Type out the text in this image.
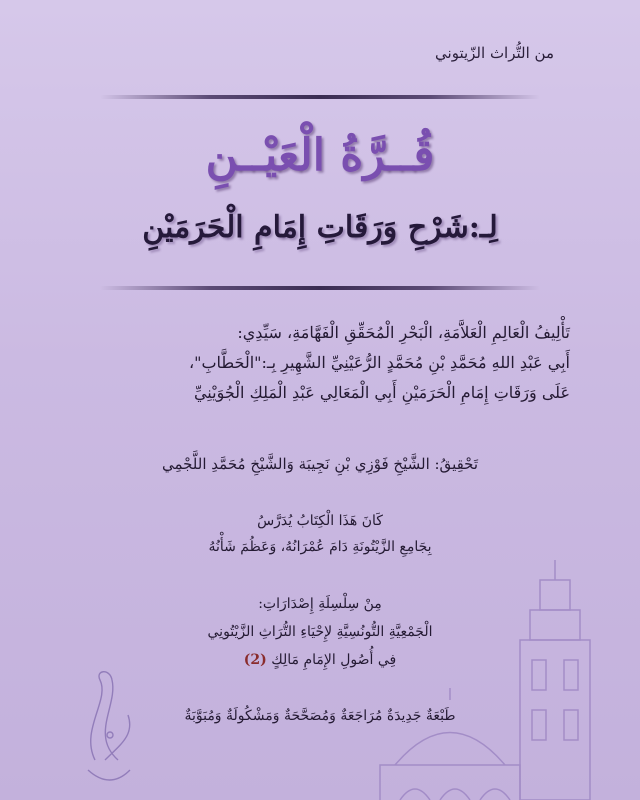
من التُّراث الزّيتوني
قُــرَّةُ الْعَيْــنِ
لِـ:شَرْحِ وَرَقَاتِ إِمَامِ الْحَرَمَيْنِ

تَأْلِيفُ الْعَالِمِ الْعَلاَّمَةِ، الْبَحْرِ الْمُحَقِّقِ الْفَهَّامَةِ، سَيِّدِي:

أَبِي عَبْدِ اللهِ مُحَمَّدِ بْنِ مُحَمَّدٍ الرُّعَيْنِيِّ الشَّهِيرِ بِـ:"الْحَطَّابِ"،

عَلَى وَرَقَاتِ إِمَامِ الْحَرَمَيْنِ أَبِي الْمَعَالِي عَبْدِ الْمَلِكِ الْجُوَيْنِيِّ

تَحْقِيقُ: الشَّيْخِ فَوْزِي بْنِ نَجِيبَة وَالشَّيْخِ مُحَمَّدِ اللَّجْمِي

كَانَ هَذَا الْكِتَابُ يُدَرَّسُ

بِجَامِعِ الزَّيْتُونَةِ دَامَ عُمْرَانُهُ، وَعَظُمَ شَأْنُهُ

مِنْ سِلْسِلَةِ إِصْدَارَاتِ:

الْجَمْعِيَّةِ التُّونُسِيَّةِ لإِحْيَاءِ التُّرَاثِ الزَّيْتُونِي

فِي أُصُولِ الإِمَامِ مَالِكٍ (2)

طَبْعَةٌ جَدِيدَةٌ مُرَاجَعَةٌ وَمُصَحَّحَةٌ وَمَشْكُولَةٌ وَمُبَوَّبَةٌ
